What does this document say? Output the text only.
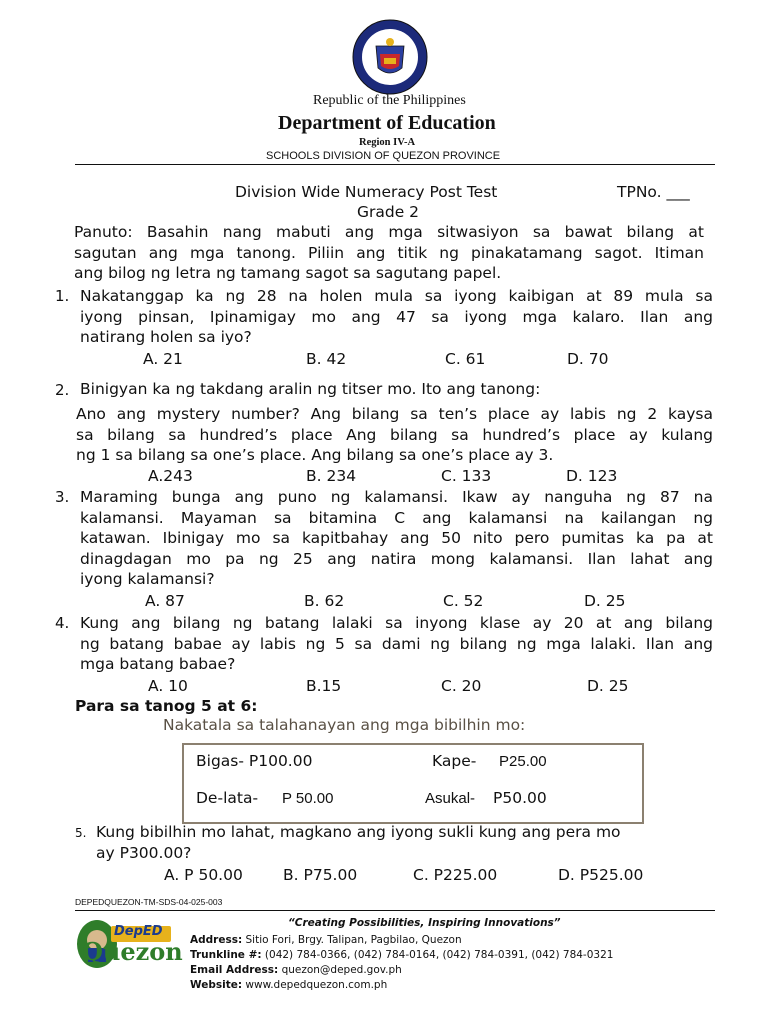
Republic of the Philippines
Department of Education
Region IV-A
SCHOOLS DIVISION OF QUEZON PROVINCE
Division Wide Numeracy Post Test	TPNo. ___
Grade 2
Panuto: Basahin nang mabuti ang mga sitwasiyon sa bawat bilang at
sagutan ang mga tanong. Piliin ang titik ng pinakatamang sagot. Itiman
ang bilog ng letra ng tamang sagot sa sagutang papel.
1. Nakatanggap ka ng 28 na holen mula sa iyong kaibigan at 89 mula sa
iyong pinsan, Ipinamigay mo ang 47 sa iyong mga kalaro. Ilan ang
natirang holen sa iyo?
A. 21	B. 42	C. 61	D. 70
2. Binigyan ka ng takdang aralin ng titser mo. Ito ang tanong:
Ano ang mystery number? Ang bilang sa ten’s place ay labis ng 2 kaysa
sa bilang sa hundred’s place Ang bilang sa hundred’s place ay kulang
ng 1 sa bilang sa one’s place. Ang bilang sa one’s place ay 3.
A.243	B. 234	C. 133	D. 123
3. Maraming bunga ang puno ng kalamansi. Ikaw ay nanguha ng 87 na
kalamansi. Mayaman sa bitamina C ang kalamansi na kailangan ng
katawan. Ibinigay mo sa kapitbahay ang 50 nito pero pumitas ka pa at
dinagdagan mo pa ng 25 ang natira mong kalamansi. Ilan lahat ang
iyong kalamansi?
A. 87	B. 62	C. 52	D. 25
4. Kung ang bilang ng batang lalaki sa inyong klase ay 20 at ang bilang
ng batang babae ay labis ng 5 sa dami ng bilang ng mga lalaki. Ilan ang
mga batang babae?
A. 10	B.15	C. 20	D. 25
Para sa tanog 5 at 6:
Nakatala sa talahanayan ang mga bibilhin mo:
Bigas- P100.00	Kape- P25.00
De-lata- P 50.00	Asukal- P50.00
5. Kung bibilhin mo lahat, magkano ang iyong sukli kung ang pera mo
ay P300.00?
A. P 50.00	B. P75.00	C. P225.00	D. P525.00
DEPEDQUEZON-TM-SDS-04-025-003
“Creating Possibilities, Inspiring Innovations”
DepED
Quezon Address: Sitio Fori, Brgy. Talipan, Pagbilao, Quezon
Trunkline #: (042) 784-0366, (042) 784-0164, (042) 784-0391, (042) 784-0321
Email Address: quezon@deped.gov.ph
Website: www.depedquezon.com.ph
